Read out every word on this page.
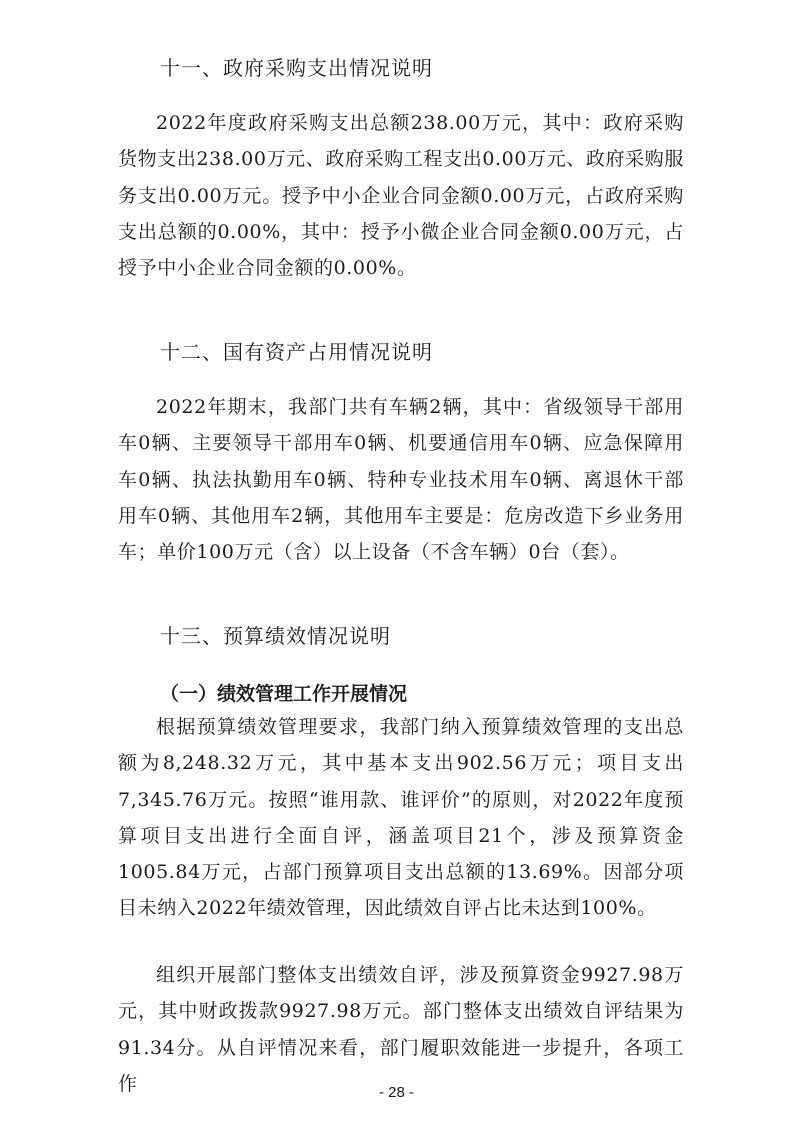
十一、政府采购支出情况说明

2022年度政府采购支出总额238.00万元，其中：政府采购货物支出238.00万元、政府采购工程支出0.00万元、政府采购服务支出0.00万元。授予中小企业合同金额0.00万元，占政府采购支出总额的0.00%，其中：授予小微企业合同金额0.00万元，占授予中小企业合同金额的0.00%。

十二、国有资产占用情况说明

2022年期末，我部门共有车辆2辆，其中：省级领导干部用车0辆、主要领导干部用车0辆、机要通信用车0辆、应急保障用车0辆、执法执勤用车0辆、特种专业技术用车0辆、离退休干部用车0辆、其他用车2辆，其他用车主要是：危房改造下乡业务用车；单价100万元（含）以上设备（不含车辆）0台（套）。

十三、预算绩效情况说明
（一）绩效管理工作开展情况

根据预算绩效管理要求，我部门纳入预算绩效管理的支出总额为8,248.32万元，其中基本支出902.56万元；项目支出7,345.76万元。按照“谁用款、谁评价”的原则，对2022年度预算项目支出进行全面自评，涵盖项目21个，涉及预算资金1005.84万元，占部门预算项目支出总额的13.69%。因部分项目未纳入2022年绩效管理，因此绩效自评占比未达到100%。

组织开展部门整体支出绩效自评，涉及预算资金9927.98万元，其中财政拨款9927.98万元。部门整体支出绩效自评结果为91.34分。从自评情况来看，部门履职效能进一步提升，各项工作	- 28 -
